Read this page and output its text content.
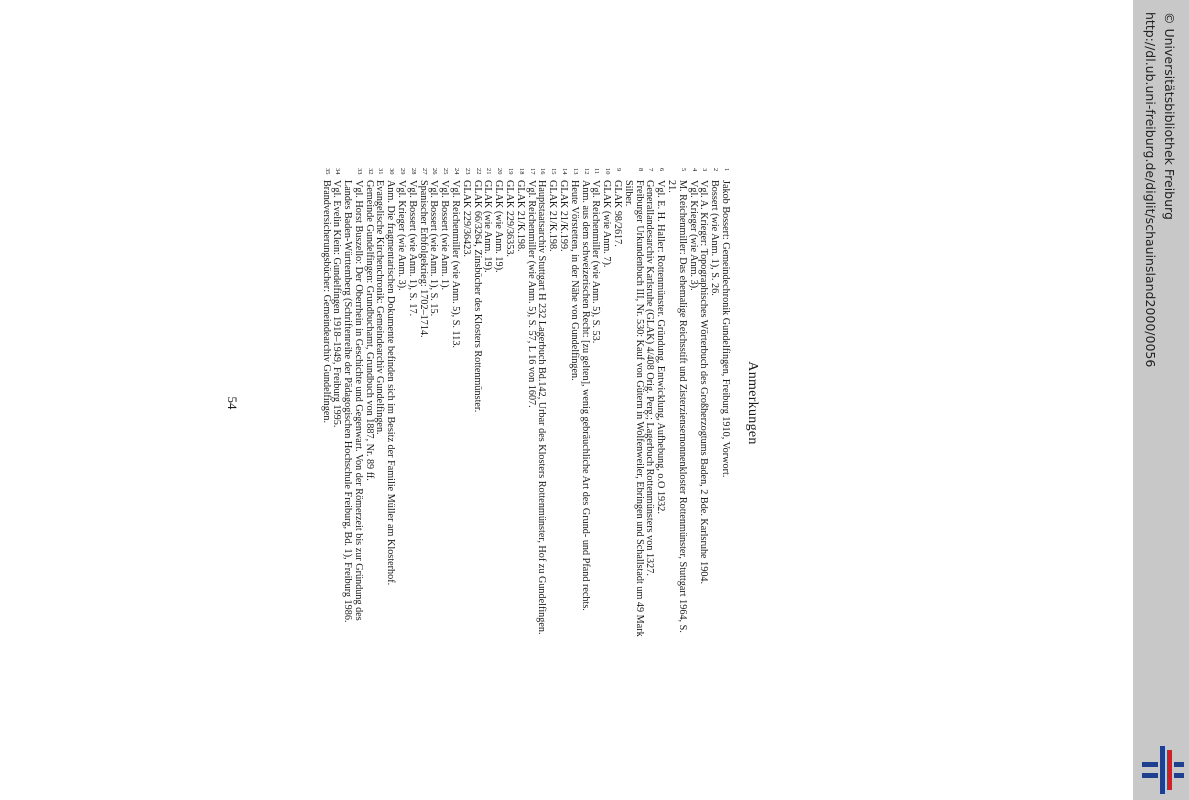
Anmerkungen
1
Jakob Bossert: Gemeindechronik Gundelfingen, Freiburg 1910, Vorwort.
2
Bossert (wie Anm. 1), S. 26.
3
Vgl. A. Krieger: Topographisches Wörterbuch des Großherzogtums Baden, 2 Bde. Karlsruhe 1904.
4
Vgl. Krieger (wie Anm. 3).
5
M. Reichenmiller: Das ehemalige Reichsstift und Zisterziensernonnenkloster Rottenmünster, Stuttgart 1964, S. 21.
6
Vgl. E. H. Haller: Rottenmünster. Gründung, Entwicklung, Aufhebung, o.O 1932.
7
Generallandesarchiv Karlsruhe (GLAK) 4/408 Orig. Perg.; Lagerbuch Rottenmünsters von 1327.
8
Freiburger Urkundenbuch III, Nr. 530: Kauf von Gütern in Wolfenweiler, Ebringen und Schallstadt um 49 Mark Silber.
9
GLAK 98/2617.
10
GLAK (wie Anm. 7).
11
Vgl. Reichenmiller (wie Anm. 5), S. 53.
12
Anm. aus dem schweizerischen Recht: [zu gelten], wenig gebräuchliche Art des Grund- und Pfand rechts.
13
Heute Vörstetten, in der Nähe von Gundelfingen.
14
GLAK 21/K.199.
15
GLAK 21/K.198.
16
Hauptstaatsarchiv Stuttgart H 232 Lagerbuch Bd.142, Urbar des Klosters Rottenmünster, Hof zu Gundelfingen.
17
Vgl. Reichenmiller (wie Anm. 5), S. 57, L 16 von 1607.
18
GLAK 21/K.198.
19
GLAK 229/36353.
20
GLAK (wie Anm. 19).
21
GLAK (wie Anm. 19).
22
GLAK 66/3264, Zinsbücher des Klosters Rottenmünster.
23
GLAK 229/36423.
24
Vgl. Reichenmiller (wie Anm. 5), S. 113.
25
Vgl. Bossert (wie Anm. 1).
26
Vgl. Bossert (wie Anm. 1), S. 15.
27
Spanischer Erbfolgekrieg: 1702–1714.
28
Vgl. Bossert (wie Anm. 1), S. 17.
29
Vgl. Krieger (wie Anm. 3).
30
Anm. Die fragmentarischen Dokumente befinden sich im Besitz der Familie Müller am Klosterhof.
31
Evangelische Kirchenchronik: Gemeindearchiv Gundelfingen.
32
Gemeinde Gundelfingen: Grundbuchamt, Grundbuch von 1887, Nr. 89 ff.
33
Vgl. Horst Buszello: Der Oberrhein in Geschichte und Gegenwart. Von der Römerzeit bis zur Gründung des Landes Baden-Württemberg (Schriftenreihe der Pädagogischen Hochschule Freiburg, Bd. 1), Freiburg 1986.
34
Vgl. Evelin Klein: Gundelfingen 1918–1949, Freiburg 1995.
35
Brandversicherungsbücher: Gemeindearchiv Gundelfingen.
54
http://dl.ub.uni-freiburg.de/diglit/schauinsland2000/0056 © Universitätsbibliothek Freiburg
